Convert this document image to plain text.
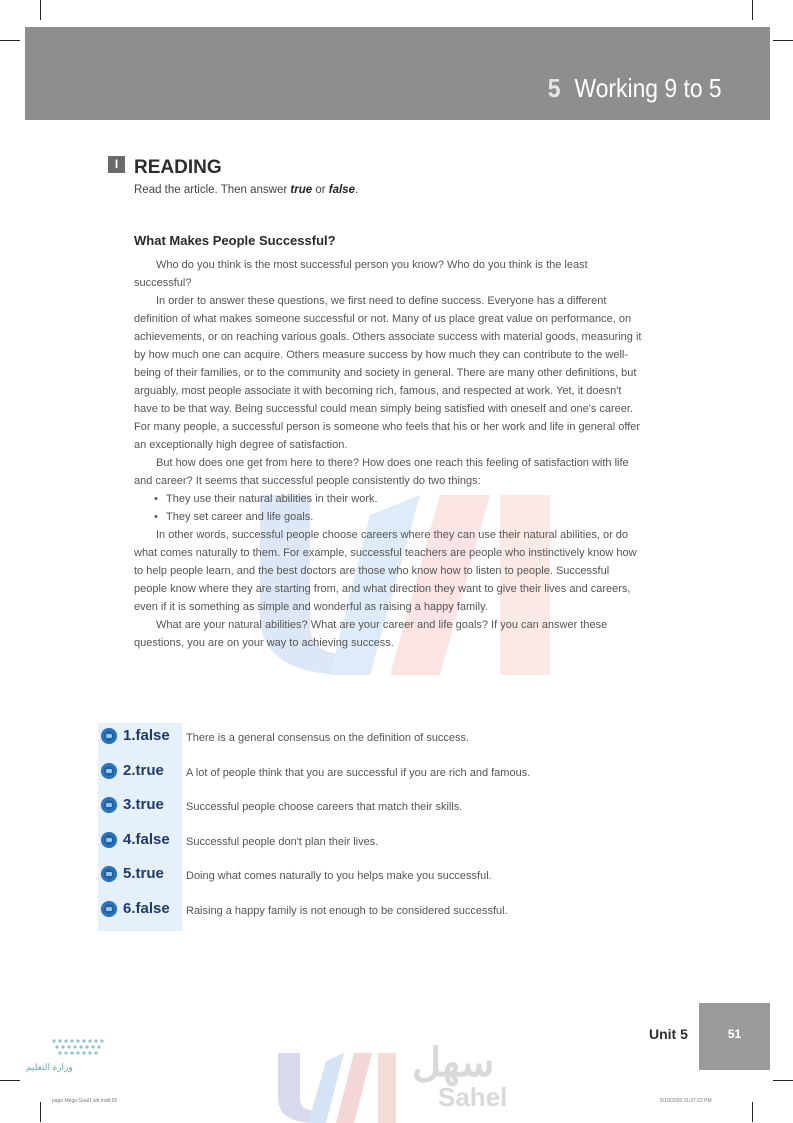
5 Working 9 to 5
I READING
Read the article. Then answer true or false.
What Makes People Successful?

Who do you think is the most successful person you know? Who do you think is the least successful?

In order to answer these questions, we first need to define success. Everyone has a different definition of what makes someone successful or not. Many of us place great value on performance, on achievements, or on reaching various goals. Others associate success with material goods, measuring it by how much one can acquire. Others measure success by how much they can contribute to the well-being of their families, or to the community and society in general. There are many other definitions, but arguably, most people associate it with becoming rich, famous, and respected at work. Yet, it doesn't have to be that way. Being successful could mean simply being satisfied with oneself and one's career. For many people, a successful person is someone who feels that his or her work and life in general offer an exceptionally high degree of satisfaction.

But how does one get from here to there? How does one reach this feeling of satisfaction with life and career? It seems that successful people consistently do two things:

• They use their natural abilities in their work.
• They set career and life goals.

In other words, successful people choose careers where they can use their natural abilities, or do what comes naturally to them. For example, successful teachers are people who instinctively know how to help people learn, and the best doctors are those who know how to listen to people. Successful people know where they are starting from, and what direction they want to give their lives and careers, even if it is something as simple and wonderful as raising a happy family.

What are your natural abilities? What are your career and life goals? If you can answer these questions, you are on your way to achieving success.

1.false There is a general consensus on the definition of success.
2.true A lot of people think that you are successful if you are rich and famous.
3.true Successful people choose careers that match their skills.
4.false Successful people don't plan their lives.
5.true Doing what comes naturally to you helps make you successful.
6.false Raising a happy family is not enough to be considered successful.
Unit 5	51
وزارة التعليم	سهل
Sahel
page Mega Goal1 wb.indd 55	5/19/2020 11:37:22 PM
